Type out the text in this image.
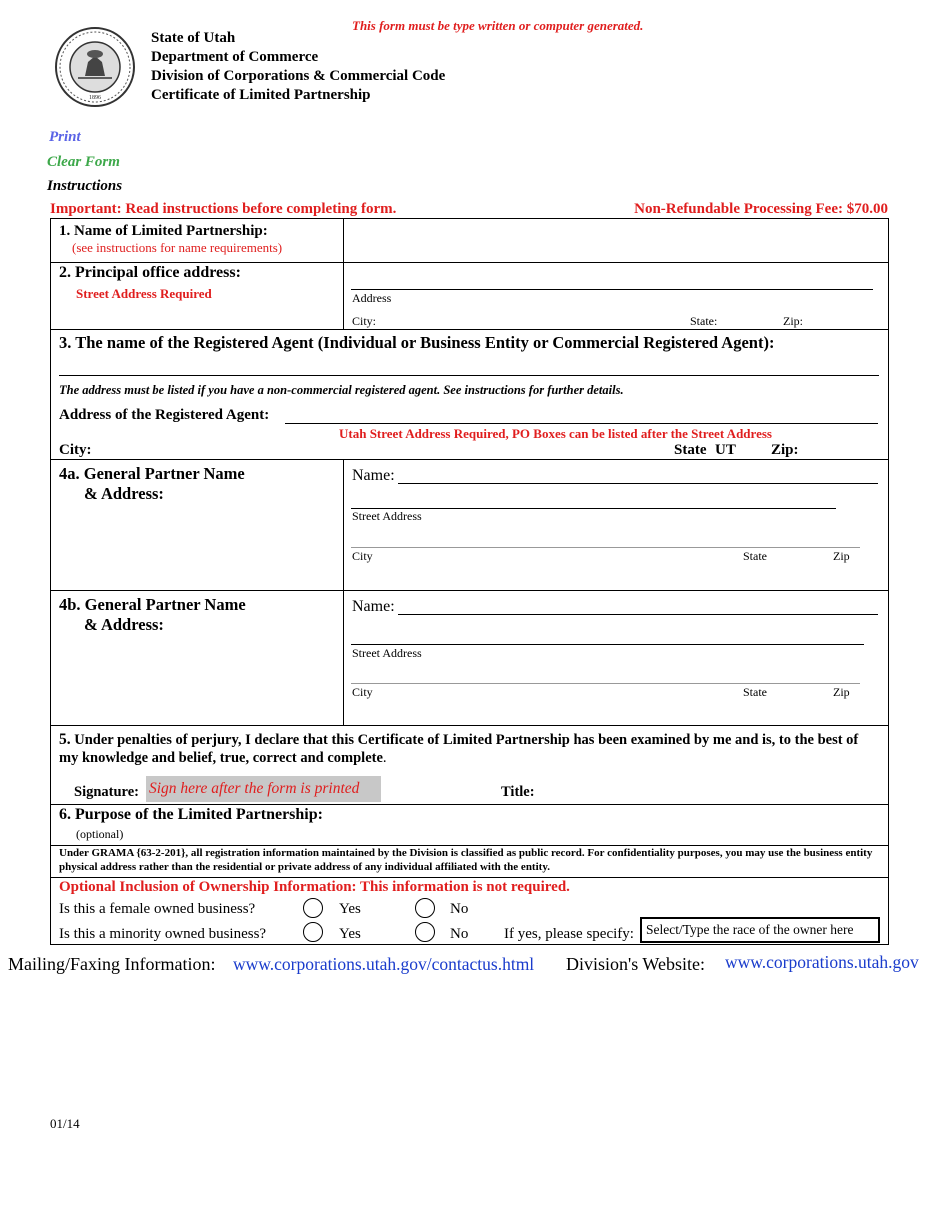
1896
This form must be type written or computer generated.
State of Utah
Department of Commerce
Division of Corporations & Commercial Code
Certificate of Limited Partnership
Print
Clear Form
Instructions
Important: Read instructions before completing form.	Non-Refundable Processing Fee: $70.00
1. Name of Limited Partnership:
(see instructions for name requirements)
2. Principal office address:
Street Address Required	Address
City:	State:	Zip:
3. The name of the Registered Agent (Individual or Business Entity or Commercial Registered Agent):
The address must be listed if you have a non-commercial registered agent. See instructions for further details.
Address of the Registered Agent:
Utah Street Address Required, PO Boxes can be listed after the Street Address
City:	State UT Zip:
4a. General Partner Name
& Address:
Name:
Street Address
City	State	Zip
4b. General Partner Name
& Address:
Name:
Street Address
City	State	Zip
5. Under penalties of perjury, I declare that this Certificate of Limited Partnership has been examined by me and is, to the best of my knowledge and belief, true, correct and complete.
Signature: Sign here after the form is printed	Title:
6. Purpose of the Limited Partnership:
(optional)
Under GRAMA {63-2-201}, all registration information maintained by the Division is classified as public record. For confidentiality purposes, you may use the business entity physical address rather than the residential or private address of any individual affiliated with the entity.
Optional Inclusion of Ownership Information: This information is not required.
Is this a female owned business?	Yes	No
Is this a minority owned business?	Yes	No If yes, please specify: Select/Type the race of the owner here
Mailing/Faxing Information: www.corporations.utah.gov/contactus.html Division's Website: www.corporations.utah.gov
01/14
